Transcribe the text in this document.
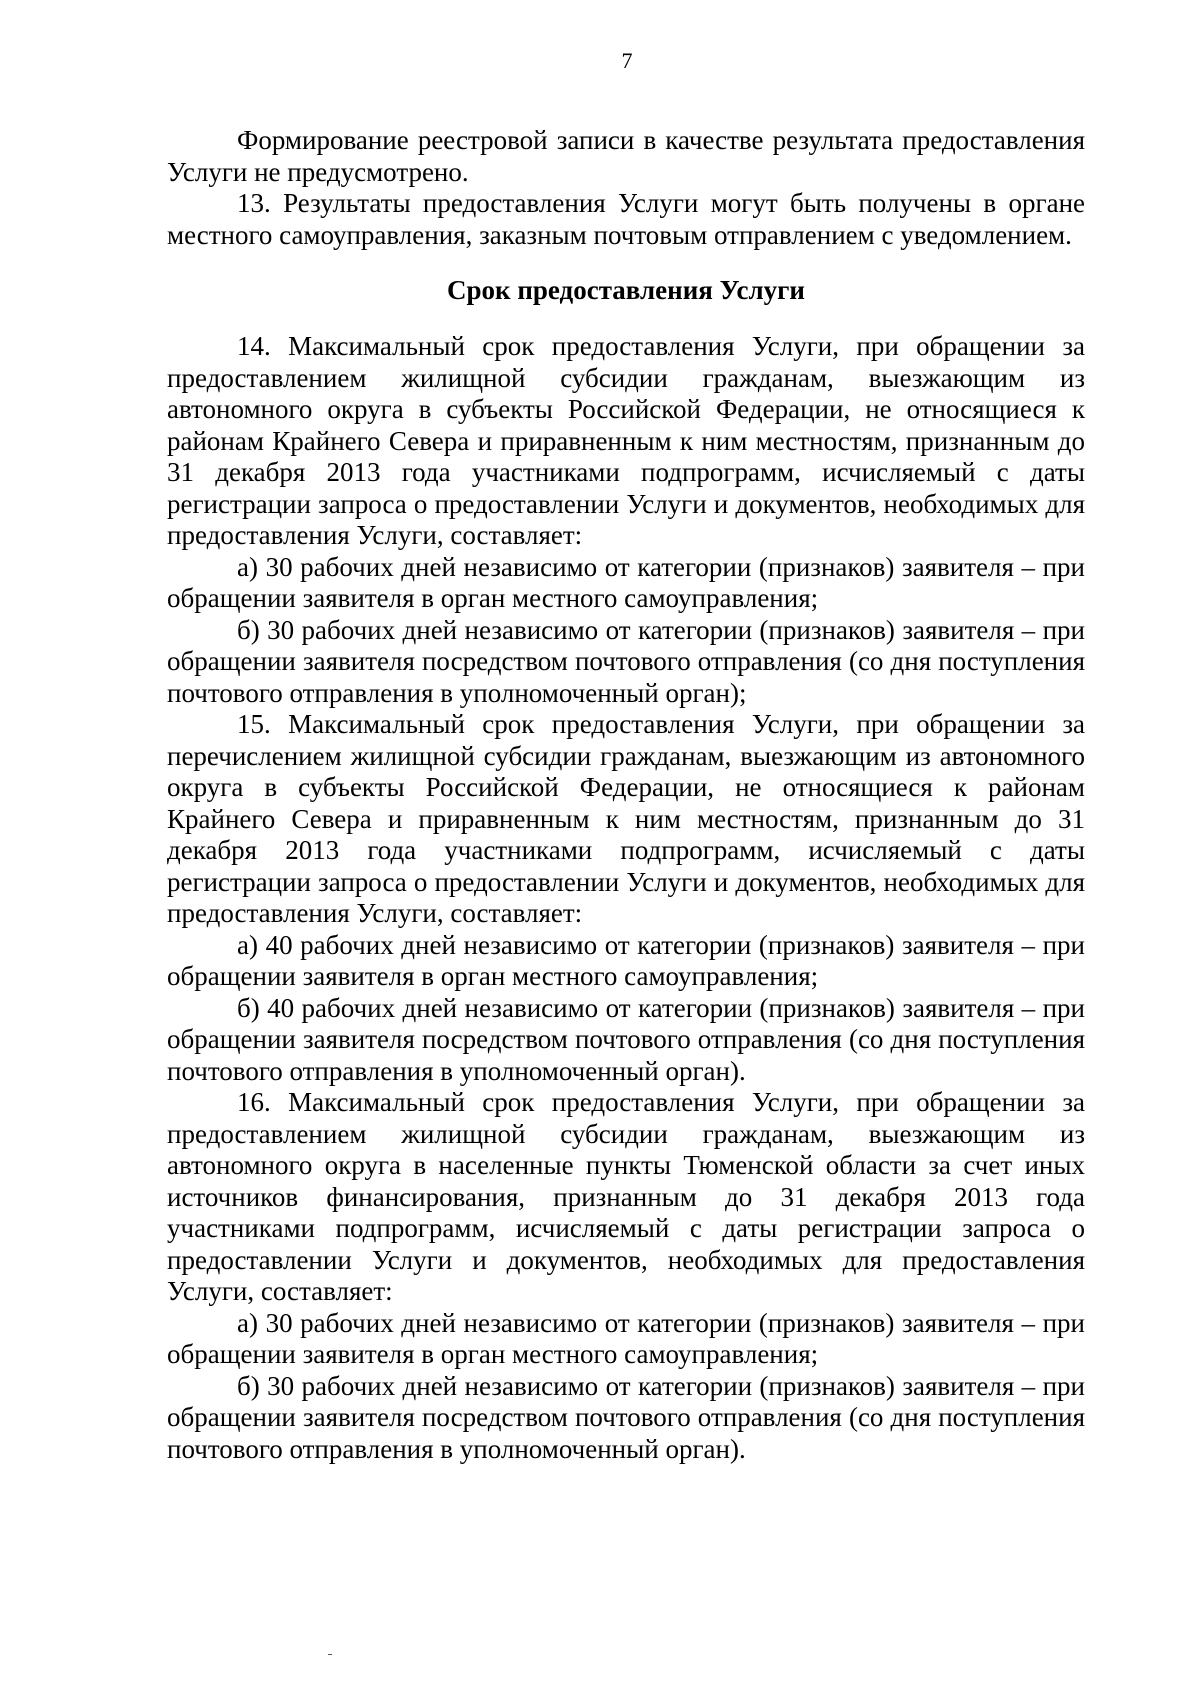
7

Формирование реестровой записи в качестве результата предоставления Услуги не предусмотрено.

13. Результаты предоставления Услуги могут быть получены в органе местного самоуправления, заказным почтовым отправлением с уведомлением.

Срок предоставления Услуги

14. Максимальный срок предоставления Услуги, при обращении за предоставлением жилищной субсидии гражданам, выезжающим из автономного округа в субъекты Российской Федерации, не относящиеся к районам Крайнего Севера и приравненным к ним местностям, признанным до 31 декабря 2013 года участниками подпрограмм, исчисляемый с даты регистрации запроса о предоставлении Услуги и документов, необходимых для предоставления Услуги, составляет:

а) 30 рабочих дней независимо от категории (признаков) заявителя – при обращении заявителя в орган местного самоуправления;

б) 30 рабочих дней независимо от категории (признаков) заявителя – при обращении заявителя посредством почтового отправления (со дня поступления почтового отправления в уполномоченный орган);

15. Максимальный срок предоставления Услуги, при обращении за перечислением жилищной субсидии гражданам, выезжающим из автономного округа в субъекты Российской Федерации, не относящиеся к районам Крайнего Севера и приравненным к ним местностям, признанным до 31 декабря 2013 года участниками подпрограмм, исчисляемый с даты регистрации запроса о предоставлении Услуги и документов, необходимых для предоставления Услуги, составляет:

а) 40 рабочих дней независимо от категории (признаков) заявителя – при обращении заявителя в орган местного самоуправления;

б) 40 рабочих дней независимо от категории (признаков) заявителя – при обращении заявителя посредством почтового отправления (со дня поступления почтового отправления в уполномоченный орган).

16. Максимальный срок предоставления Услуги, при обращении за предоставлением жилищной субсидии гражданам, выезжающим из автономного округа в населенные пункты Тюменской области за счет иных источников финансирования, признанным до 31 декабря 2013 года участниками подпрограмм, исчисляемый с даты регистрации запроса о предоставлении Услуги и документов, необходимых для предоставления Услуги, составляет:

а) 30 рабочих дней независимо от категории (признаков) заявителя – при обращении заявителя в орган местного самоуправления;

б) 30 рабочих дней независимо от категории (признаков) заявителя – при обращении заявителя посредством почтового отправления (со дня поступления почтового отправления в уполномоченный орган).
